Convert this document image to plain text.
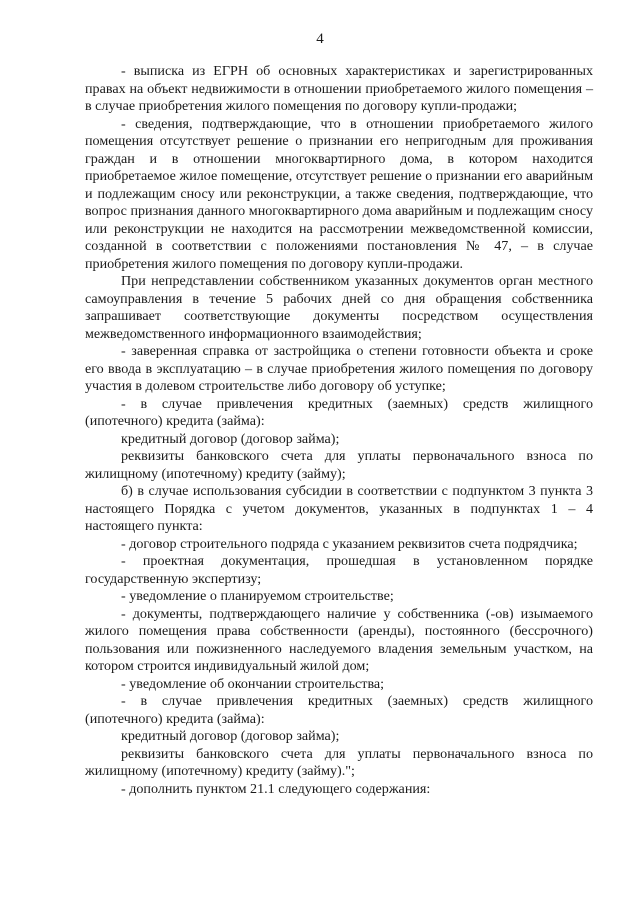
4

- выписка из ЕГРН об основных характеристиках и зарегистрированных правах на объект недвижимости в отношении приобретаемого жилого помещения – в случае приобретения жилого помещения по договору купли-продажи;

- сведения, подтверждающие, что в отношении приобретаемого жилого помещения отсутствует решение о признании его непригодным для проживания граждан и в отношении многоквартирного дома, в котором находится приобретаемое жилое помещение, отсутствует решение о признании его аварийным и подлежащим сносу или реконструкции, а также сведения, подтверждающие, что вопрос признания данного многоквартирного дома аварийным и подлежащим сносу или реконструкции не находится на рассмотрении межведомственной комиссии, созданной в соответствии с положениями постановления № 47, – в случае приобретения жилого помещения по договору купли-продажи.

При непредставлении собственником указанных документов орган местного самоуправления в течение 5 рабочих дней со дня обращения собственника запрашивает соответствующие документы посредством осуществления межведомственного информационного взаимодействия;

- заверенная справка от застройщика о степени готовности объекта и сроке его ввода в эксплуатацию – в случае приобретения жилого помещения по договору участия в долевом строительстве либо договору об уступке;

- в случае привлечения кредитных (заемных) средств жилищного (ипотечного) кредита (займа):

кредитный договор (договор займа);

реквизиты банковского счета для уплаты первоначального взноса по жилищному (ипотечному) кредиту (займу);

б) в случае использования субсидии в соответствии с подпунктом 3 пункта 3 настоящего Порядка с учетом документов, указанных в подпунктах 1 – 4 настоящего пункта:

- договор строительного подряда с указанием реквизитов счета подрядчика;

- проектная документация, прошедшая в установленном порядке государственную экспертизу;

- уведомление о планируемом строительстве;

- документы, подтверждающего наличие у собственника (-ов) изымаемого жилого помещения права собственности (аренды), постоянного (бессрочного) пользования или пожизненного наследуемого владения земельным участком, на котором строится индивидуальный жилой дом;

- уведомление об окончании строительства;

- в случае привлечения кредитных (заемных) средств жилищного (ипотечного) кредита (займа):

кредитный договор (договор займа);

реквизиты банковского счета для уплаты первоначального взноса по жилищному (ипотечному) кредиту (займу).";

- дополнить пунктом 21.1 следующего содержания:
